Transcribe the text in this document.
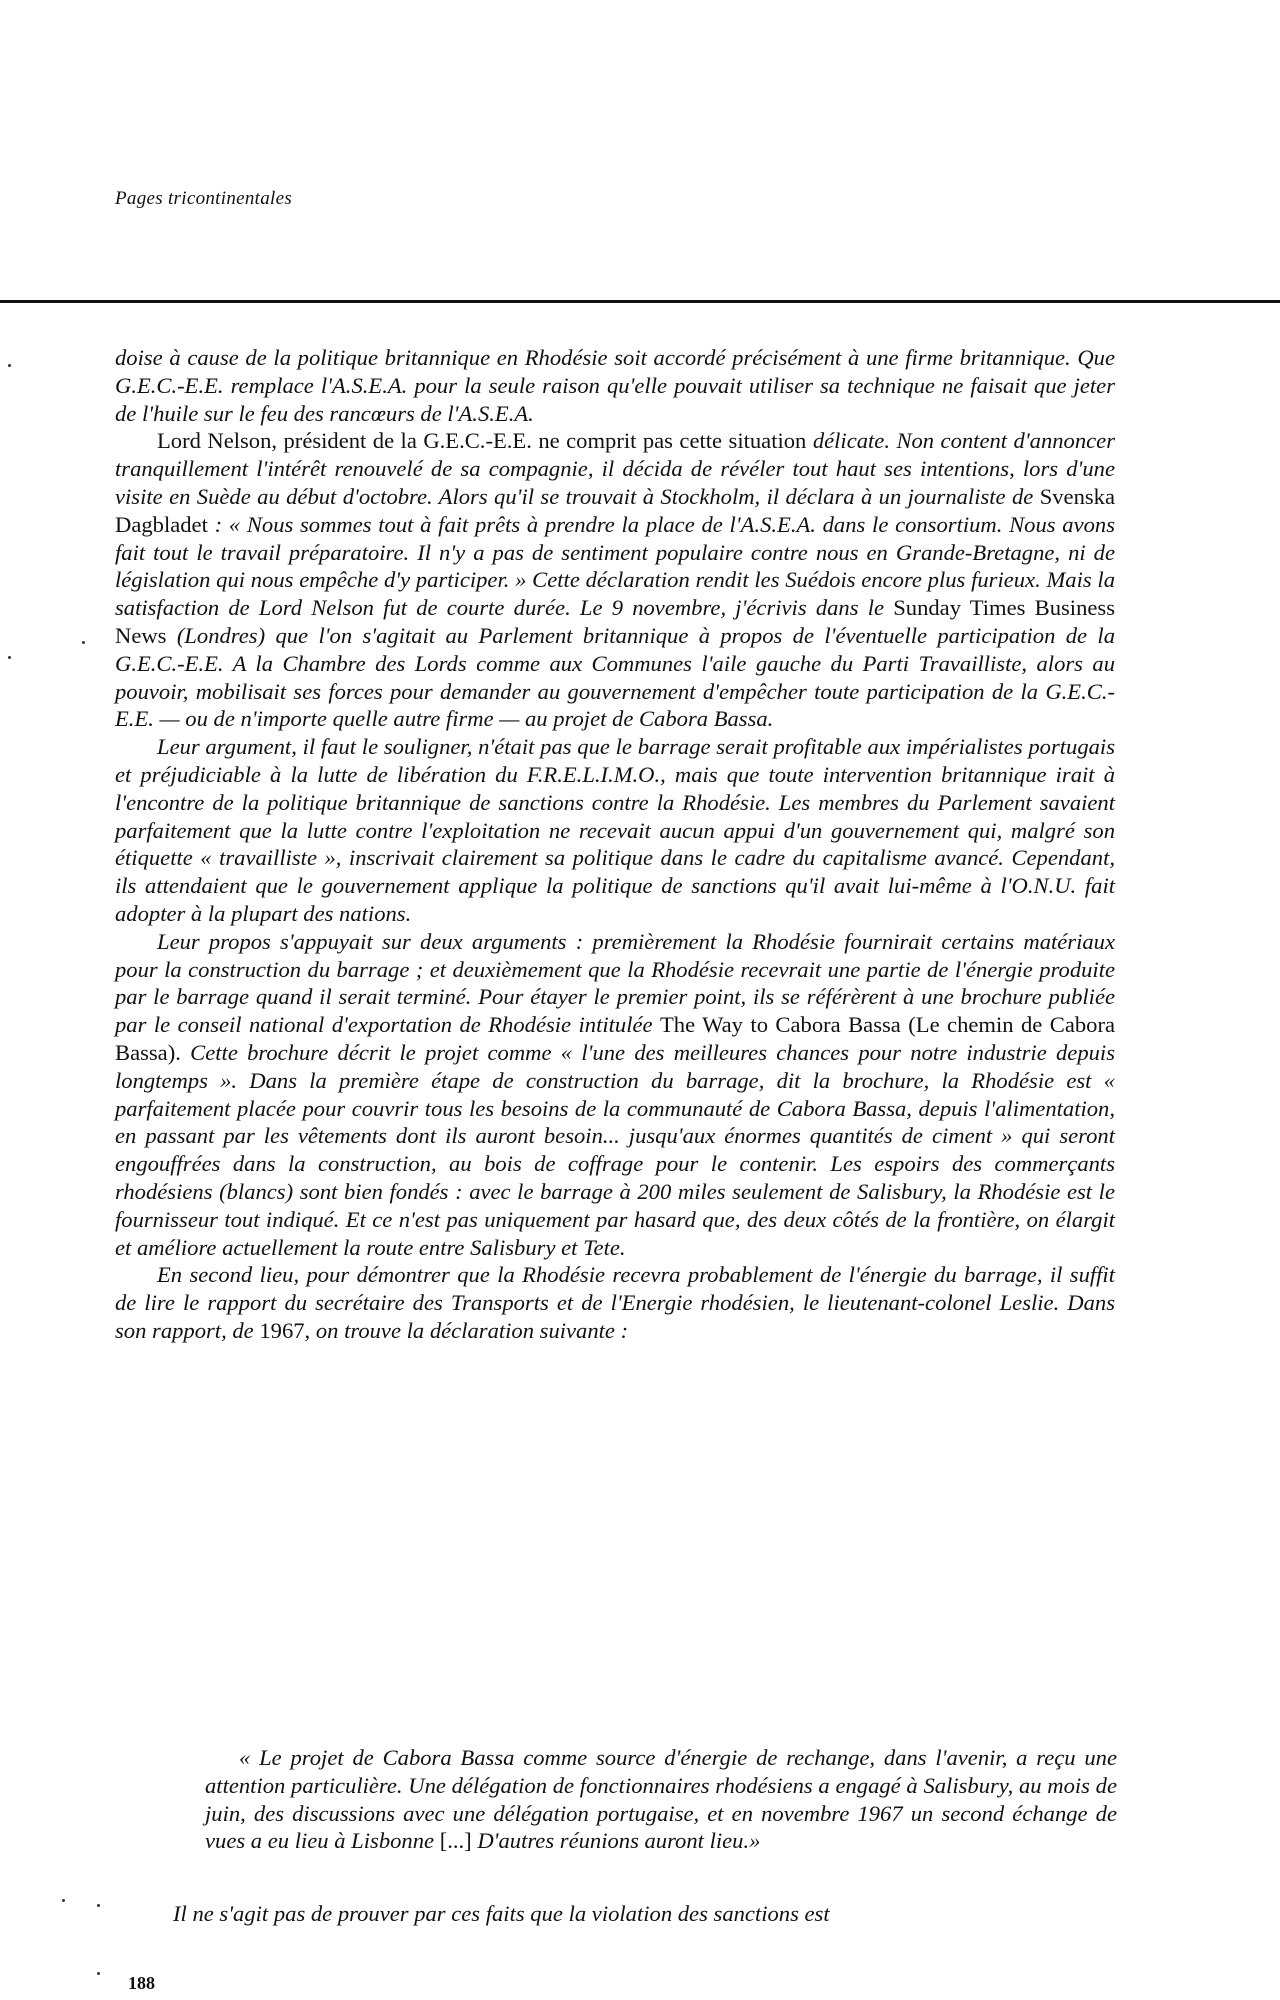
Pages tricontinentales

doise à cause de la politique britannique en Rhodésie soit accordé précisément à une firme britannique. Que G.E.C.-E.E. remplace l'A.S.E.A. pour la seule raison qu'elle pouvait utiliser sa technique ne faisait que jeter de l'huile sur le feu des rancœurs de l'A.S.E.A.

Lord Nelson, président de la G.E.C.-E.E. ne comprit pas cette situation délicate. Non content d'annoncer tranquillement l'intérêt renouvelé de sa compagnie, il décida de révéler tout haut ses intentions, lors d'une visite en Suède au début d'octobre. Alors qu'il se trouvait à Stockholm, il déclara à un journaliste de Svenska Dagbladet : « Nous sommes tout à fait prêts à prendre la place de l'A.S.E.A. dans le consortium. Nous avons fait tout le travail préparatoire. Il n'y a pas de sentiment populaire contre nous en Grande-Bretagne, ni de législation qui nous empêche d'y participer. » Cette déclaration rendit les Suédois encore plus furieux. Mais la satisfaction de Lord Nelson fut de courte durée. Le 9 novembre, j'écrivis dans le Sunday Times Business News (Londres) que l'on s'agitait au Parlement britannique à propos de l'éventuelle participation de la G.E.C.-E.E. A la Chambre des Lords comme aux Communes l'aile gauche du Parti Travailliste, alors au pouvoir, mobilisait ses forces pour demander au gouvernement d'empêcher toute participation de la G.E.C.-E.E. — ou de n'importe quelle autre firme — au projet de Cabora Bassa.

Leur argument, il faut le souligner, n'était pas que le barrage serait profitable aux impérialistes portugais et préjudiciable à la lutte de libération du F.R.E.L.I.M.O., mais que toute intervention britannique irait à l'encontre de la politique britannique de sanctions contre la Rhodésie. Les membres du Parlement savaient parfaitement que la lutte contre l'exploitation ne recevait aucun appui d'un gouvernement qui, malgré son étiquette « travailliste », inscrivait clairement sa politique dans le cadre du capitalisme avancé. Cependant, ils attendaient que le gouvernement applique la politique de sanctions qu'il avait lui-même à l'O.N.U. fait adopter à la plupart des nations.

Leur propos s'appuyait sur deux arguments : premièrement la Rhodésie fournirait certains matériaux pour la construction du barrage ; et deuxièmement que la Rhodésie recevrait une partie de l'énergie produite par le barrage quand il serait terminé. Pour étayer le premier point, ils se référèrent à une brochure publiée par le conseil national d'exportation de Rhodésie intitulée The Way to Cabora Bassa (Le chemin de Cabora Bassa). Cette brochure décrit le projet comme « l'une des meilleures chances pour notre industrie depuis longtemps ». Dans la première étape de construction du barrage, dit la brochure, la Rhodésie est « parfaitement placée pour couvrir tous les besoins de la communauté de Cabora Bassa, depuis l'alimentation, en passant par les vêtements dont ils auront besoin... jusqu'aux énormes quantités de ciment » qui seront engouffrées dans la construction, au bois de coffrage pour le contenir. Les espoirs des commerçants rhodésiens (blancs) sont bien fondés : avec le barrage à 200 miles seulement de Salisbury, la Rhodésie est le fournisseur tout indiqué. Et ce n'est pas uniquement par hasard que, des deux côtés de la frontière, on élargit et améliore actuellement la route entre Salisbury et Tete.

En second lieu, pour démontrer que la Rhodésie recevra probablement de l'énergie du barrage, il suffit de lire le rapport du secrétaire des Transports et de l'Energie rhodésien, le lieutenant-colonel Leslie. Dans son rapport, de 1967, on trouve la déclaration suivante :

« Le projet de Cabora Bassa comme source d'énergie de rechange, dans l'avenir, a reçu une attention particulière. Une délégation de fonctionnaires rhodésiens a engagé à Salisbury, au mois de juin, des discussions avec une délégation portugaise, et en novembre 1967 un second échange de vues a eu lieu à Lisbonne [...] D'autres réunions auront lieu.»

Il ne s'agit pas de prouver par ces faits que la violation des sanctions est

188
